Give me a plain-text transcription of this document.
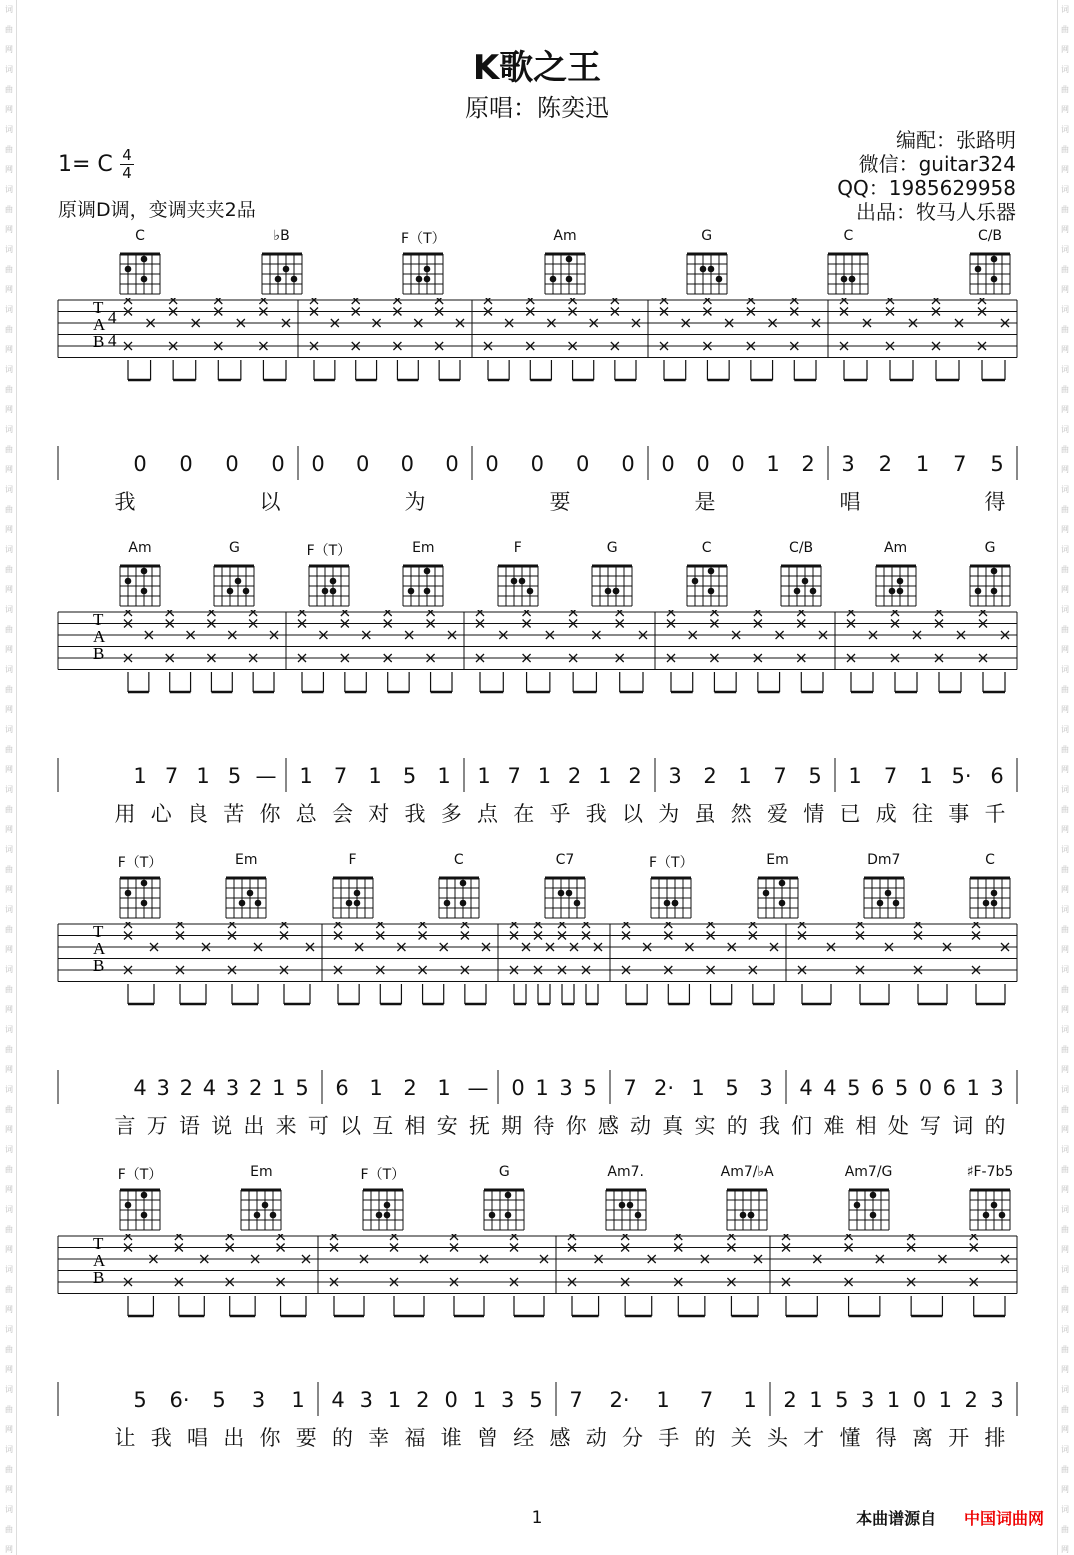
词曲网词曲网词曲网词曲网词曲网词曲网词曲网词曲网词曲网词曲网词曲网词曲网词曲网词曲网词曲网词曲网词曲网词曲网词曲网词曲网词曲网词曲网词曲网词曲网词曲网词曲网
词曲网词曲网词曲网词曲网词曲网词曲网词曲网词曲网词曲网词曲网词曲网词曲网词曲网词曲网词曲网词曲网词曲网词曲网词曲网词曲网词曲网词曲网词曲网词曲网词曲网词曲网
K歌之王
原唱：陈奕迅
编配：张路明
微信：guitar324
QQ：1985629958
出品：牧马人乐器
1= C 4
4
原调D调，变调夹夹2品
C	♭B	F（T）	Am	G	C	C/B
T
A
B
4
4
0 0 0 0 0 0 0 0 0 0 0 0 0 0 0 1 2 3 2 1 7 5
我	以	为	要	是	唱	得
Am	G	F（T）	Em	F	G	C	C/B	Am	G
T
A
B
1 7 1 5 — 1 7 1 5 1 1 7 1 2 1 2 3 2 1 7 5 1 7 1 5· 6
用 心 良 苦 你 总 会 对 我 多 点 在 乎 我 以 为 虽 然 爱 情 已 成 往 事 千
F（T）	Em	F	C	C7	F（T）	Em	Dm7	C
T
A
B
4 3 2 4 3 2 1 5 6 1 2 1 — 0 1 3 5 7 2· 1 5 3 4 4 5 6 5 0 6 1 3
言 万 语 说 出 来 可 以 互 相 安 抚 期 待 你 感 动 真 实 的 我 们 难 相 处 写 词 的
F（T）	Em	F（T）	G	Am7.	Am7/♭A	Am7/G	♯F-7b5
T
A
B
5 6· 5 3 1 4 3 1 2 0 1 3 5 7 2· 1 7 1 2 1 5 3 1 0 1 2 3
让 我 唱 出 你 要 的 幸 福 谁 曾 经 感 动 分 手 的 关 头 才 懂 得 离 开 排
1	本曲谱源自 中国词曲网
